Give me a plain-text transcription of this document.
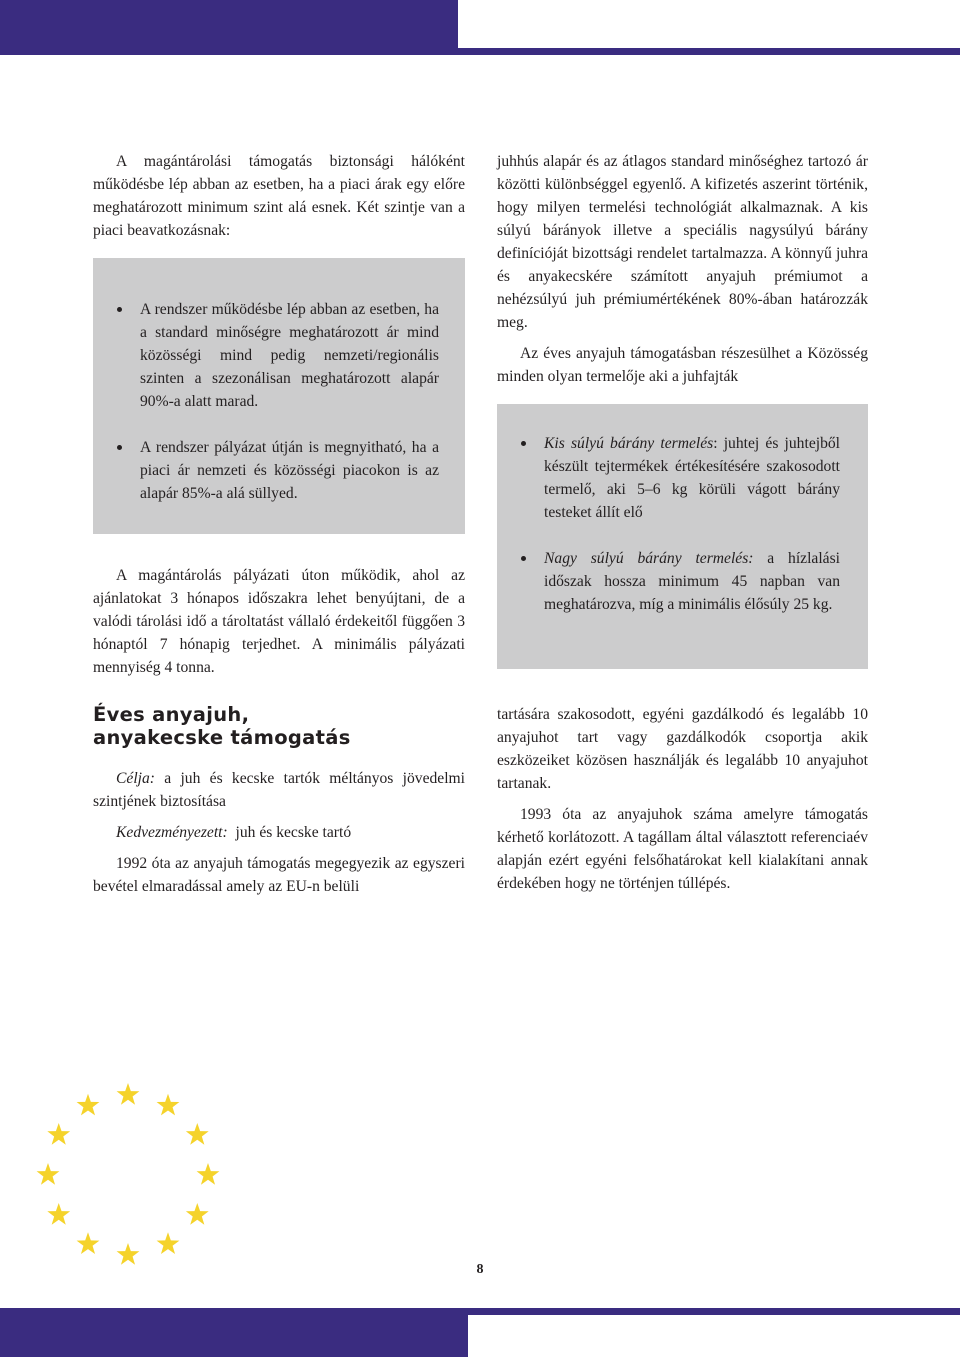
A magántárolási támogatás biztonsági hálóként működésbe lép abban az esetben, ha a piaci árak egy előre meghatározott minimum szint alá esnek. Két szintje van a piaci beavatkozásnak:

A rendszer működésbe lép abban az esetben, ha a standard minőségre meghatározott ár mind közösségi mind pedig nemzeti/regionális szinten a szezonálisan meghatározott alapár 90%-a alatt marad.
A rendszer pályázat útján is megnyitható, ha a piaci ár nemzeti és közösségi piacokon is az alapár 85%-a alá süllyed.

A magántárolás pályázati úton működik, ahol az ajánlatokat 3 hónapos időszakra lehet benyújtani, de a valódi tárolási idő a tároltatást vállaló érdekeitől függően 3 hónaptól 7 hónapig terjedhet. A minimális pályázati mennyiség 4 tonna.

Éves anyajuh,
anyakecske támogatás

Célja: a juh és kecske tartók méltányos jövedelmi szintjének biztosítása

Kedvezményezett: juh és kecske tartó

1992 óta az anyajuh támogatás megegyezik az egyszeri bevétel elmaradással amely az EU-n belüli

juhhús alapár és az átlagos standard minőséghez tartozó ár közötti különbséggel egyenlő. A kifizetés aszerint történik, hogy milyen termelési technológiát alkalmaznak. A kis súlyú bárányok illetve a speciális nagysúlyú bárány definícióját bizottsági rendelet tartalmazza. A könnyű juhra és anyakecskére számított anyajuh prémiumot a nehézsúlyú juh prémiumértékének 80%-ában határozzák meg.

Az éves anyajuh támogatásban részesülhet a Közösség minden olyan termelője aki a juhfajták

Kis súlyú bárány termelés: juhtej és juhtejből készült tejtermékek értékesítésére szakosodott termelő, aki 5–6 kg körüli vágott bárány testeket állít elő
Nagy súlyú bárány termelés: a hízlalási időszak hossza minimum 45 napban van meghatározva, míg a minimális élősúly 25 kg.

tartására szakosodott, egyéni gazdálkodó és legalább 10 anyajuhot tart vagy gazdálkodók csoportja akik eszközeiket közösen használják és legalább 10 anyajuhot tartanak.

1993 óta az anyajuhok száma amelyre támogatás kérhető korlátozott. A tagállam által választott referenciaév alapján ezért egyéni felsőhatárokat kell kialakítani annak érdekében hogy ne történjen túllépés.

8
